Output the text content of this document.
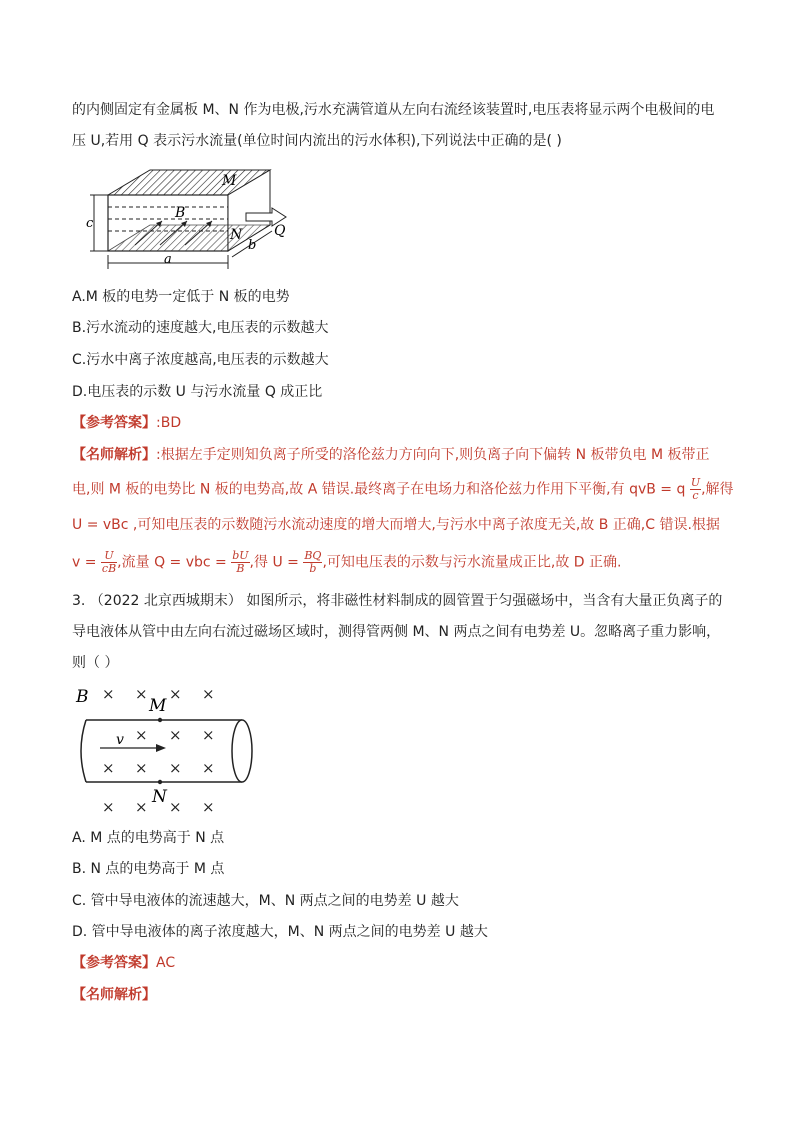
的内侧固定有金属板 M、N 作为电极,污水充满管道从左向右流经该装置时,电压表将显示两个电极间的电
压 U,若用 Q 表示污水流量(单位时间内流出的污水体积),下列说法中正确的是( )
c
a
b
M
N
B
Q
A.M 板的电势一定低于 N 板的电势
B.污水流动的速度越大,电压表的示数越大
C.污水中离子浓度越高,电压表的示数越大
D.电压表的示数 U 与污水流量 Q 成正比
【参考答案】:BD
【名师解析】:根据左手定则知负离子所受的洛伦兹力方向向下,则负离子向下偏转 N 板带负电 M 板带正
电,则 M 板的电势比 N 板的电势高,故 A 错误.最终离子在电场力和洛伦兹力作用下平衡,有 qvB = q $\frac{U}{c}$ ,解得
U = vBc ,可知电压表的示数随污水流动速度的增大而增大,与污水中离子浓度无关,故 B 正确,C 错误.根据
$v = \frac{U}{cB}$ ,流量 Q = vbc = $\frac{bU}{B}$ ,得 $U = \frac{BQ}{b}$ ,可知电压表的示数与污水流量成正比,故 D 正确.
3. （2022 北京西城期末） 如图所示，将非磁性材料制成的圆管置于匀强磁场中，当含有大量正负离子的
导电液体从管中由左向右流过磁场区域时，测得管两侧 M、N 两点之间有电势差 U。忽略离子重力影响，
则（ ）
× × × ×
× × ×
× × × ×
× × × ×
B	M
N
v
A. M 点的电势高于 N 点
B. N 点的电势高于 M 点
C. 管中导电液体的流速越大，M、N 两点之间的电势差 U 越大
D. 管中导电液体的离子浓度越大，M、N 两点之间的电势差 U 越大
【参考答案】AC
【名师解析】
